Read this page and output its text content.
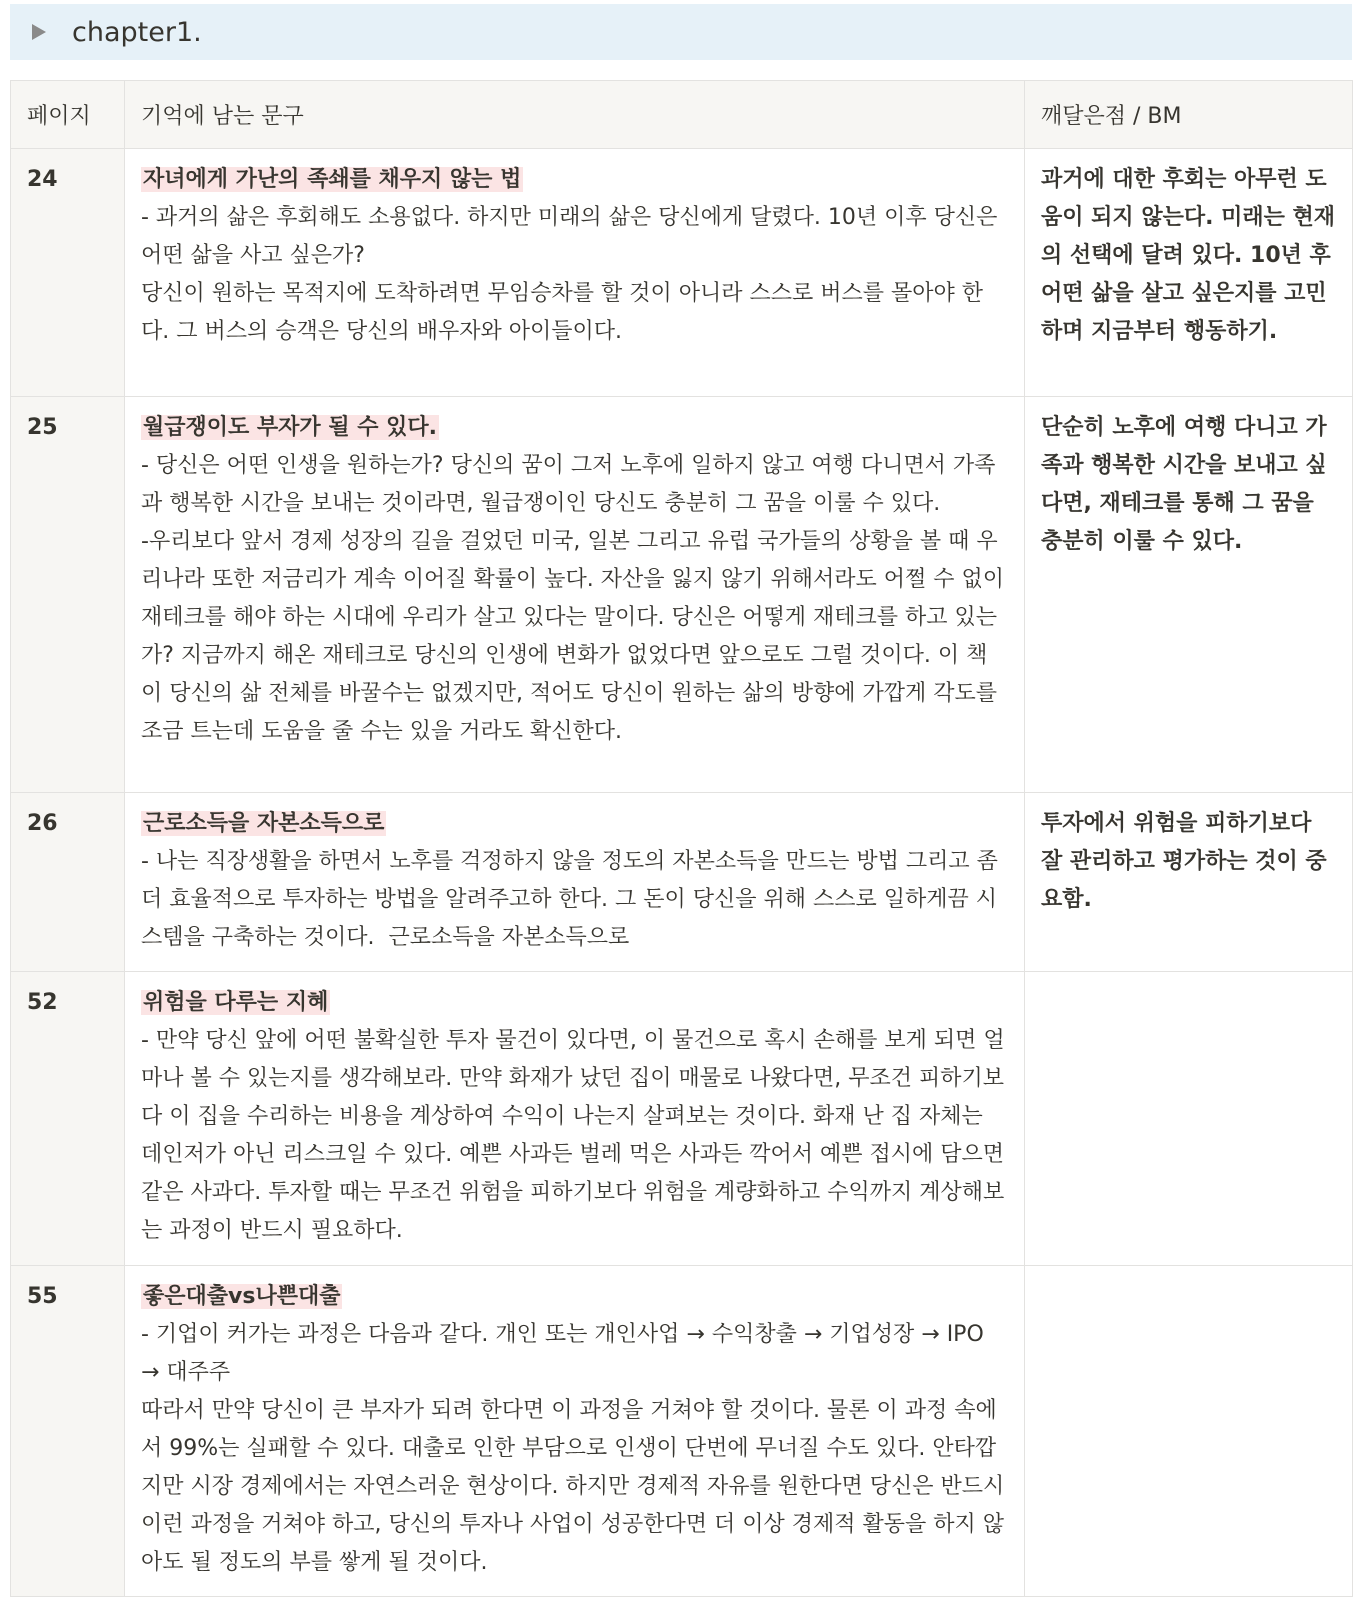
chapter1.
페이지	기억에 남는 문구	깨달은점 / BM
24	자녀에게 가난의 족쇄를 채우지 않는 법
- 과거의 삶은 후회해도 소용없다. 하지만 미래의 삶은 당신에게 달렸다. 10년 이후 당신은 어떤 삶을 사고 싶은가?
당신이 원하는 목적지에 도착하려면 무임승차를 할 것이 아니라 스스로 버스를 몰아야 한다. 그 버스의 승객은 당신의 배우자와 아이들이다.	과거에 대한 후회는 아무런 도움이 되지 않는다. 미래는 현재의 선택에 달려 있다. 10년 후 어떤 삶을 살고 싶은지를 고민하며 지금부터 행동하기.
25	월급쟁이도 부자가 될 수 있다.
- 당신은 어떤 인생을 원하는가? 당신의 꿈이 그저 노후에 일하지 않고 여행 다니면서 가족과 행복한 시간을 보내는 것이라면, 월급쟁이인 당신도 충분히 그 꿈을 이룰 수 있다.
-우리보다 앞서 경제 성장의 길을 걸었던 미국, 일본 그리고 유럽 국가들의 상황을 볼 때 우리나라 또한 저금리가 계속 이어질 확률이 높다. 자산을 잃지 않기 위해서라도 어쩔 수 없이 재테크를 해야 하는 시대에 우리가 살고 있다는 말이다. 당신은 어떻게 재테크를 하고 있는가? 지금까지 해온 재테크로 당신의 인생에 변화가 없었다면 앞으로도 그럴 것이다. 이 책이 당신의 삶 전체를 바꿀수는 없겠지만, 적어도 당신이 원하는 삶의 방향에 가깝게 각도를 조금 트는데 도움을 줄 수는 있을 거라도 확신한다.	단순히 노후에 여행 다니고 가족과 행복한 시간을 보내고 싶다면, 재테크를 통해 그 꿈을 충분히 이룰 수 있다.
26	근로소득을 자본소득으로
- 나는 직장생활을 하면서 노후를 걱정하지 않을 정도의 자본소득을 만드는 방법 그리고 좀 더 효율적으로 투자하는 방법을 알려주고하 한다. 그 돈이 당신을 위해 스스로 일하게끔 시스템을 구축하는 것이다.  근로소득을 자본소득으로	투자에서 위험을 피하기보다 잘 관리하고 평가하는 것이 중요함.
52	위험을 다루는 지혜
- 만약 당신 앞에 어떤 불확실한 투자 물건이 있다면, 이 물건으로 혹시 손해를 보게 되면 얼마나 볼 수 있는지를 생각해보라. 만약 화재가 났던 집이 매물로 나왔다면, 무조건 피하기보다 이 집을 수리하는 비용을 계상하여 수익이 나는지 살펴보는 것이다. 화재 난 집 자체는 데인저가 아닌 리스크일 수 있다. 예쁜 사과든 벌레 먹은 사과든 깍어서 예쁜 접시에 담으면 같은 사과다. 투자할 때는 무조건 위험을 피하기보다 위험을 계량화하고 수익까지 계상해보는 과정이 반드시 필요하다.	
55	좋은대출vs나쁜대출
- 기업이 커가는 과정은 다음과 같다. 개인 또는 개인사업 → 수익창출 → 기업성장 → IPO → 대주주
따라서 만약 당신이 큰 부자가 되려 한다면 이 과정을 거쳐야 할 것이다. 물론 이 과정 속에서 99%는 실패할 수 있다. 대출로 인한 부담으로 인생이 단번에 무너질 수도 있다. 안타깝지만 시장 경제에서는 자연스러운 현상이다. 하지만 경제적 자유를 원한다면 당신은 반드시 이런 과정을 거쳐야 하고, 당신의 투자나 사업이 성공한다면 더 이상 경제적 활동을 하지 않아도 될 정도의 부를 쌓게 될 것이다.	
